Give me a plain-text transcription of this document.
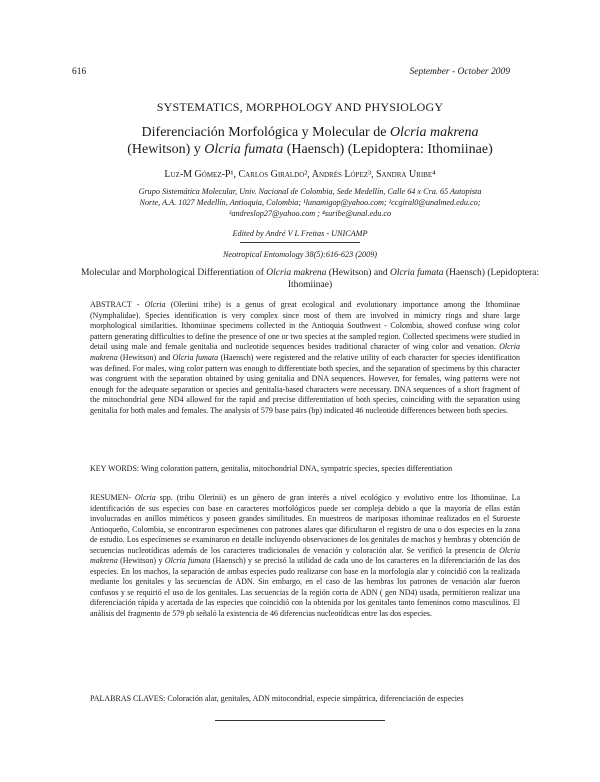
616	September - October 2009
SYSTEMATICS, MORPHOLOGY AND PHYSIOLOGY
Diferenciación Morfológica y Molecular de Olcria makrena (Hewitson) y Olcria fumata (Haensch) (Lepidoptera: Ithomiinae)
Luz-M Gómez-P¹, Carlos Giraldo², Andrés López³, Sandra Uribe⁴
Grupo Sistemática Molecular, Univ. Nacional de Colombia, Sede Medellín, Calle 64 x Cra. 65 Autopista
Norte, A.A. 1027 Medellín, Antioquia, Colombia; ¹lunamigop@yahoo.com; ²ccgiral0@unalmed.edu.co;
³andreslop27@yahoo.com ; ⁴suribe@unal.edu.co
Edited by André V L Freitas - UNICAMP
Neotropical Entomology 38(5):616-623 (2009)
Molecular and Morphological Differentiation of Olcria makrena (Hewitson) and Olcria fumata (Haensch) (Lepidoptera: Ithomiinae)

ABSTRACT - Olcria (Oleriini tribe) is a genus of great ecological and evolutionary importance among the Ithomiinae (Nymphalidae). Species identification is very complex since most of them are involved in mimicry rings and share large morphological similarities. Ithomiinae specimens collected in the Antioquia Southwest - Colombia, showed confuse wing color pattern generating difficulties to define the presence of one or two species at the sampled region. Collected specimens were studied in detail using male and female genitalia and nucleotide sequences besides traditional character of wing color and venation. Olcria makrena (Hewitson) and Olcria fumata (Haensch) were registered and the relative utility of each character for species identification was defined. For males, wing color pattern was enough to differentiate both species, and the separation of specimens by this character was congruent with the separation obtained by using genitalia and DNA sequences. However, for females, wing patterns were not enough for the adequate separation or species and genitalia-based characters were necessary. DNA sequences of a short fragment of the mitochondrial gene ND4 allowed for the rapid and precise differentiation of both species, coinciding with the separation using genitalia for both males and females. The analysis of 579 base pairs (bp) indicated 46 nucleotide differences between both species.

KEY WORDS: Wing coloration pattern, genitalia, mitochondrial DNA, sympatric species, species differentiation

RESUMEN- Olcria spp. (tribu Olerinii) es un género de gran interés a nivel ecológico y evolutivo entre los Ithomiinae. La identificación de sus especies con base en caracteres morfológicos puede ser compleja debido a que la mayoría de ellas están involucradas en anillos miméticos y poseen grandes similitudes. En muestreos de mariposas ithominae realizados en el Suroeste Antioqueño, Colombia, se encontraron especímenes con patrones alares que dificultaron el registro de una o dos especies en la zona de estudio. Los especímenes se examinaron en detalle incluyendo observaciones de los genitales de machos y hembras y obtención de secuencias nucleotídicas además de los caracteres tradicionales de venación y coloración alar. Se verificó la presencia de Olcria makrena (Hewitson) y Olcria fumata (Haensch) y se precisó la utilidad de cada uno de los caracteres en la diferenciación de las dos especies. En los machos, la separación de ambas especies pudo realizarse con base en la morfología alar y coincidió con la realizada mediante los genitales y las secuencias de ADN. Sin embargo, en el caso de las hembras los patrones de venación alar fueron confusos y se requirió el uso de los genitales. Las secuencias de la región corta de ADN ( gen ND4) usada, permitieron realizar una diferenciación rápida y acertada de las especies que coincidió con la obtenida por los genitales tanto femeninos como masculinos. El análisis del fragmento de 579 pb señaló la existencia de 46 diferencias nucleotídicas entre las dos especies.

PALABRAS CLAVES: Coloración alar, genitales, ADN mitocondrial, especie simpátrica, diferenciación de especies
